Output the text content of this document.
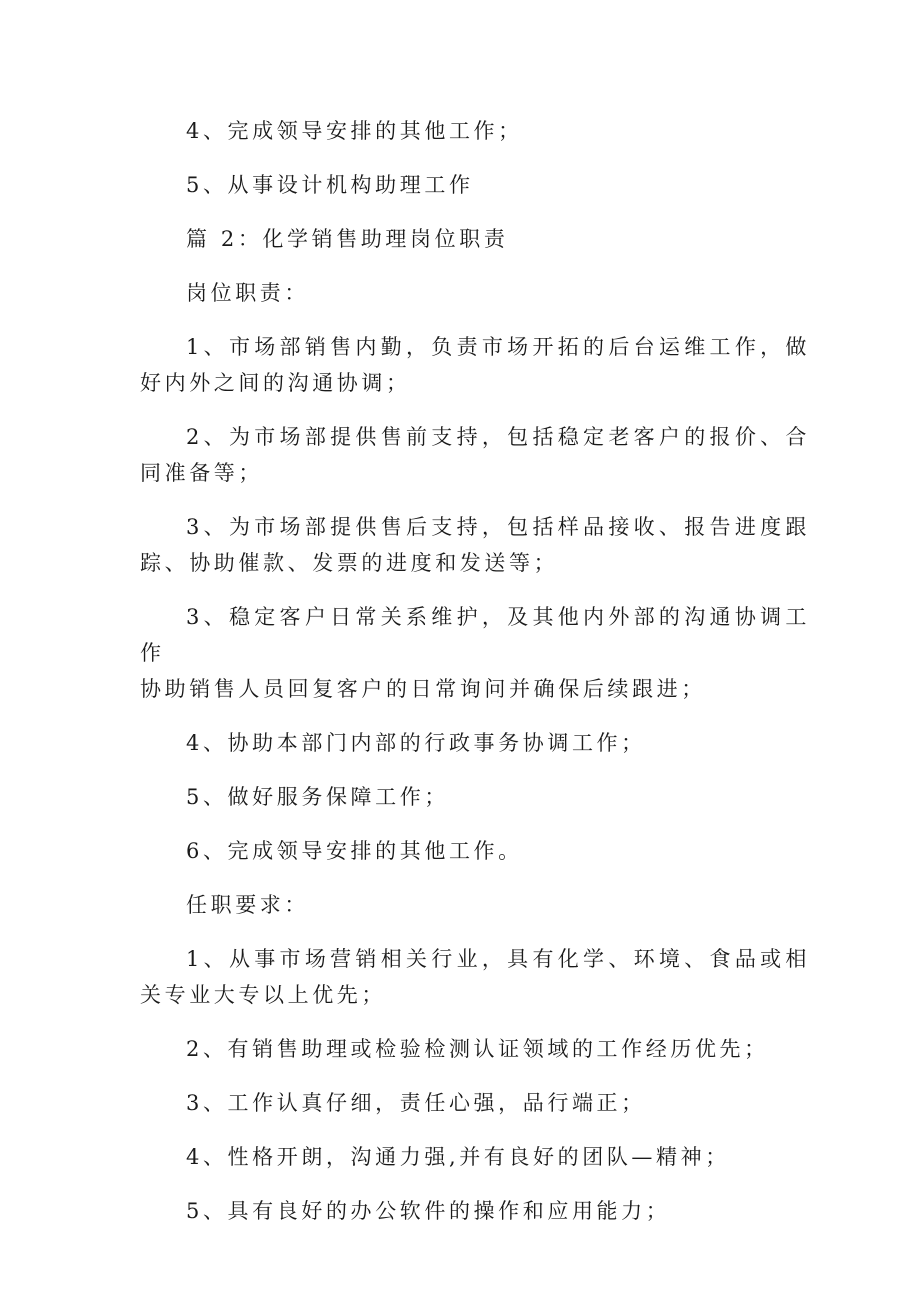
4、完成领导安排的其他工作；

5、从事设计机构助理工作

篇 2：化学销售助理岗位职责

岗位职责：

1、市场部销售内勤，负责市场开拓的后台运维工作，做好内外之间的沟通协调；

2、为市场部提供售前支持，包括稳定老客户的报价、合同准备等；

3、为市场部提供售后支持，包括样品接收、报告进度跟踪、协助催款、发票的进度和发送等；

3、稳定客户日常关系维护，及其他内外部的沟通协调工作
协助销售人员回复客户的日常询问并确保后续跟进；

4、协助本部门内部的行政事务协调工作；

5、做好服务保障工作；

6、完成领导安排的其他工作。

任职要求：

1、从事市场营销相关行业，具有化学、环境、食品或相关专业大专以上优先；

2、有销售助理或检验检测认证领域的工作经历优先；

3、工作认真仔细，责任心强，品行端正；

4、性格开朗，沟通力强,并有良好的团队—精神；

5、具有良好的办公软件的操作和应用能力；
